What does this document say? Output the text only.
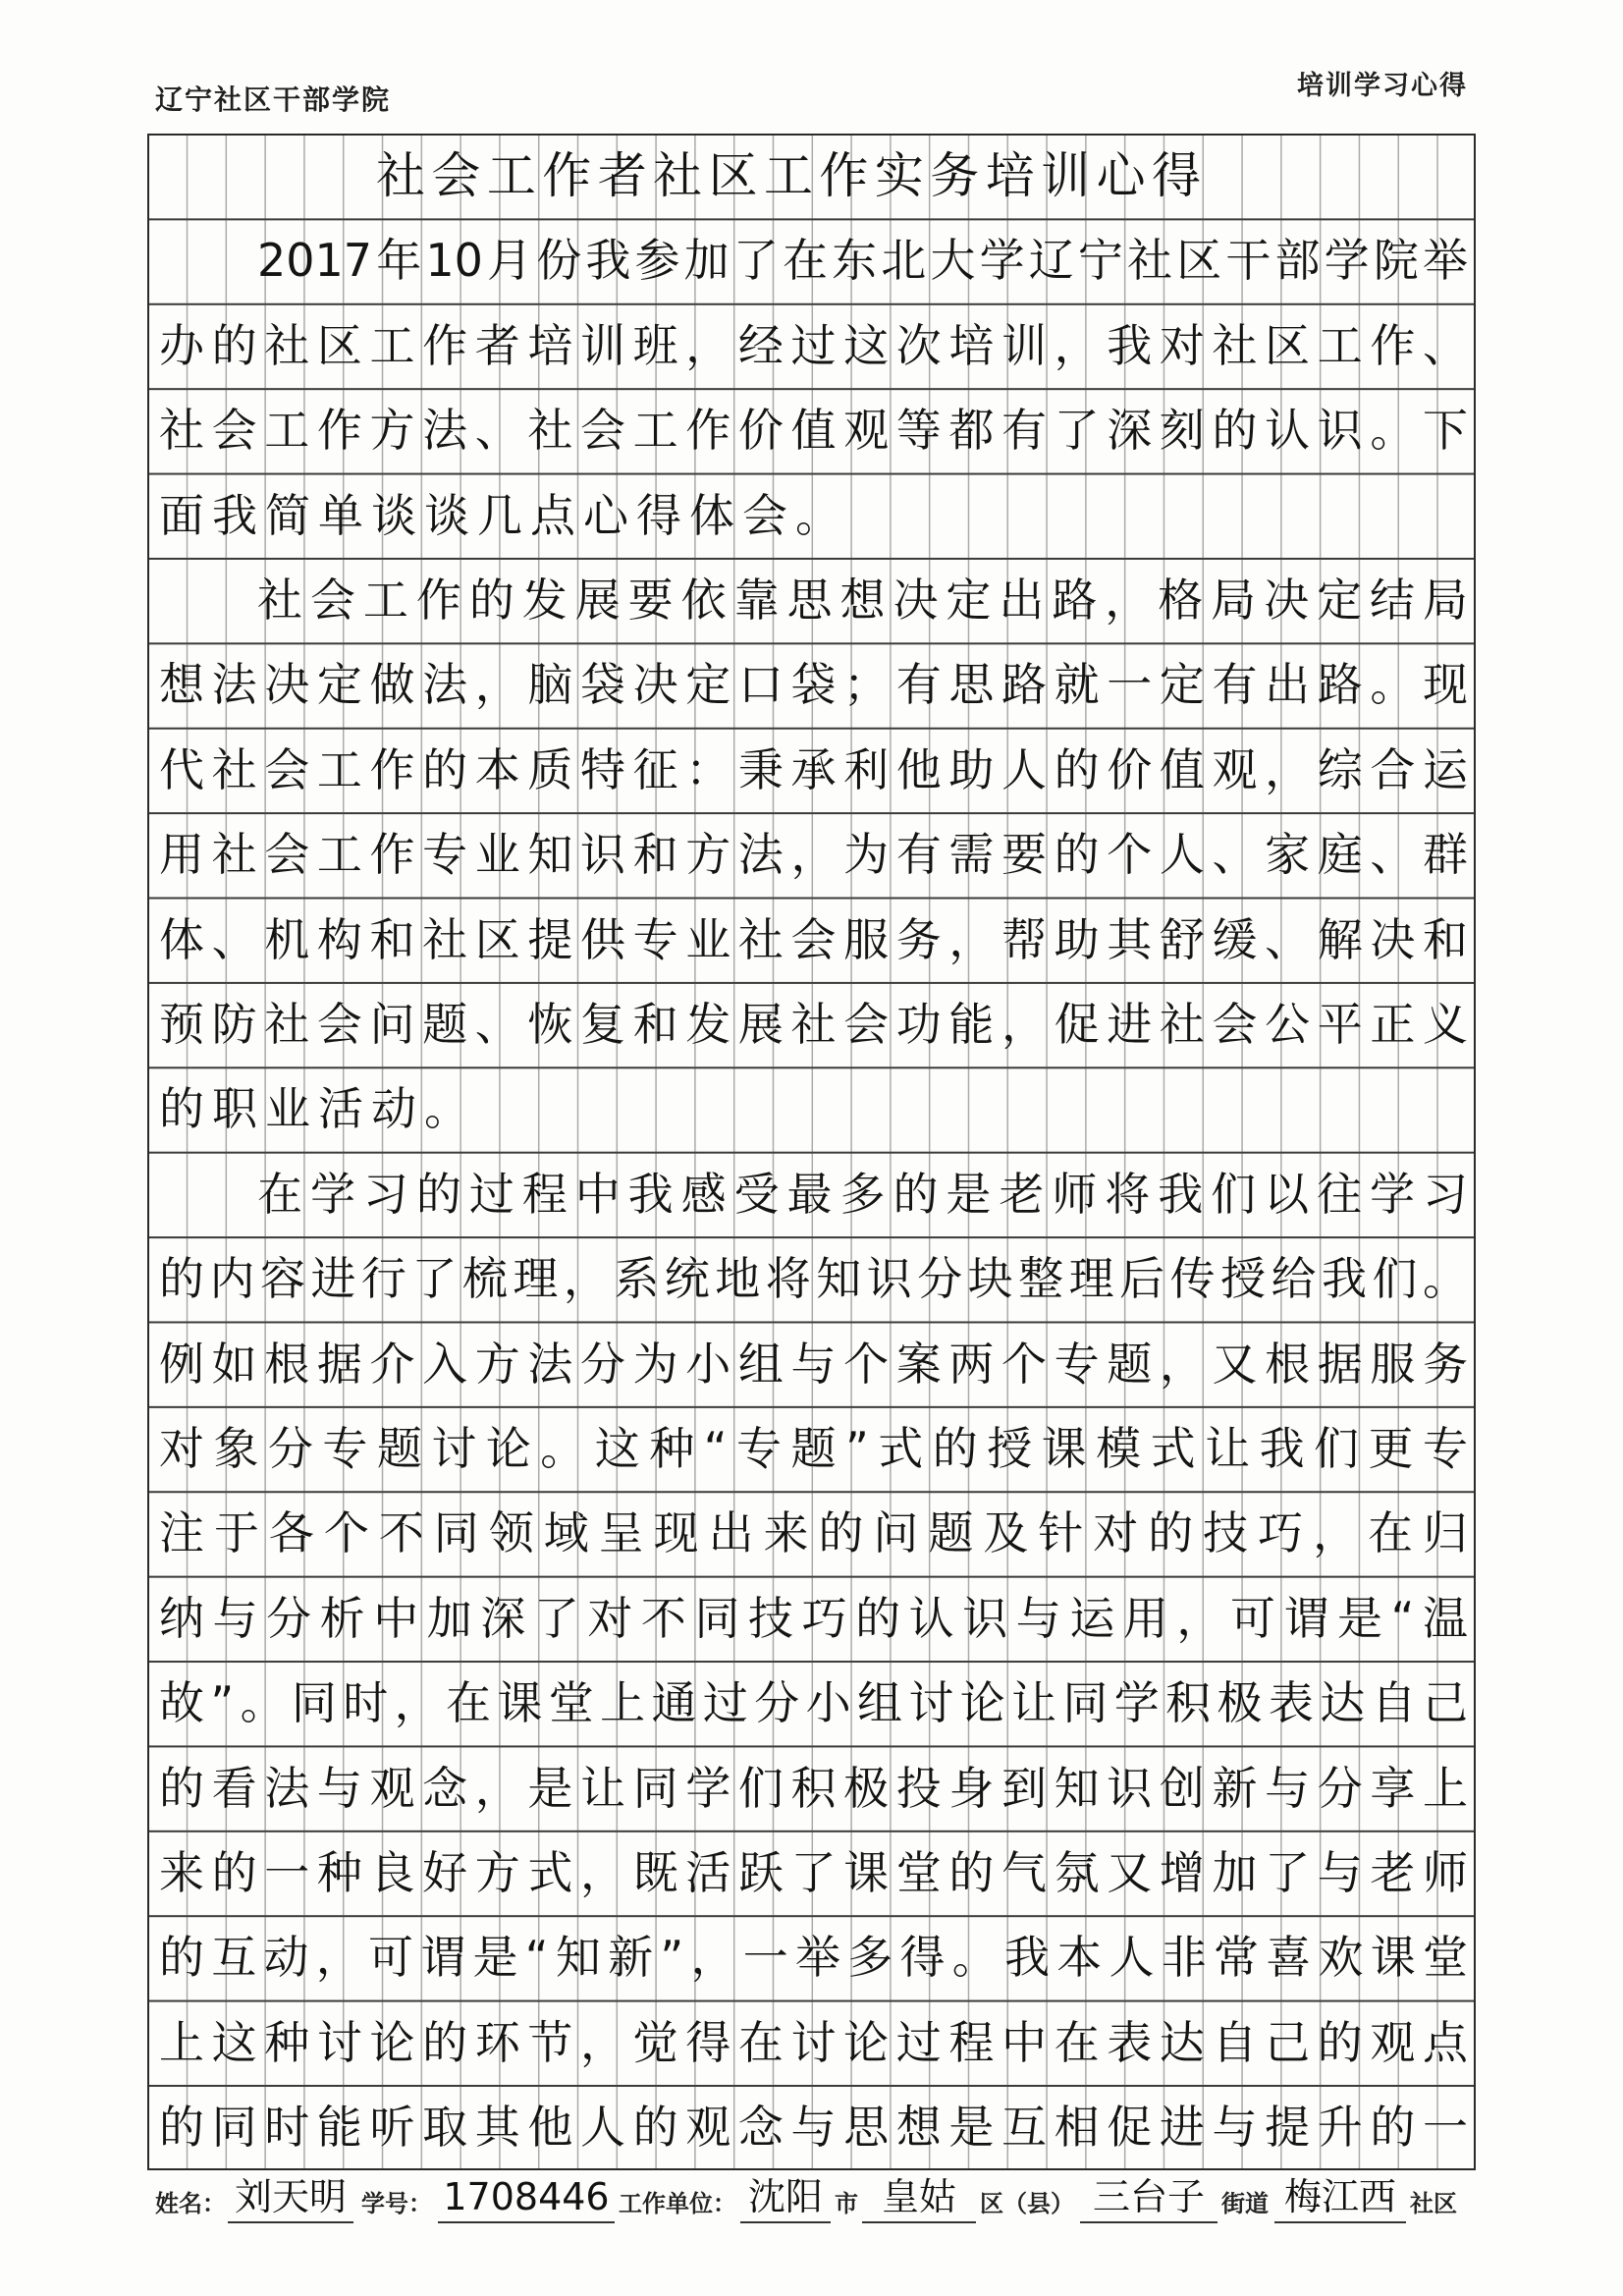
辽宁社区干部学院	培训学习心得
社会工作者社区工作实务培训心得
2017年10月份我参加了在东北大学辽宁社区干部学院举
办的社区工作者培训班，经过这次培训，我对社区工作、
社会工作方法、社会工作价值观等都有了深刻的认识。下
面我简单谈谈几点心得体会。
社会工作的发展要依靠思想决定出路，格局决定结局
想法决定做法，脑袋决定口袋；有思路就一定有出路。现
代社会工作的本质特征：秉承利他助人的价值观，综合运
用社会工作专业知识和方法，为有需要的个人、家庭、群
体、机构和社区提供专业社会服务，帮助其舒缓、解决和
预防社会问题、恢复和发展社会功能，促进社会公平正义
的职业活动。
在学习的过程中我感受最多的是老师将我们以往学习
的内容进行了梳理，系统地将知识分块整理后传授给我们。
例如根据介入方法分为小组与个案两个专题，又根据服务
对象分专题讨论。这种“专题”式的授课模式让我们更专
注于各个不同领域呈现出来的问题及针对的技巧，在归
纳与分析中加深了对不同技巧的认识与运用，可谓是“温
故”。同时，在课堂上通过分小组讨论让同学积极表达自己
的看法与观念，是让同学们积极投身到知识创新与分享上
来的一种良好方式，既活跃了课堂的气氛又增加了与老师
的互动，可谓是“知新”，一举多得。我本人非常喜欢课堂
上这种讨论的环节，觉得在讨论过程中在表达自己的观点
的同时能听取其他人的观念与思想是互相促进与提升的一
姓名： 刘天明 学号： 1708446 工作单位： 沈阳 市 皇姑	区（县） 三台子 街道 梅江西 社区
